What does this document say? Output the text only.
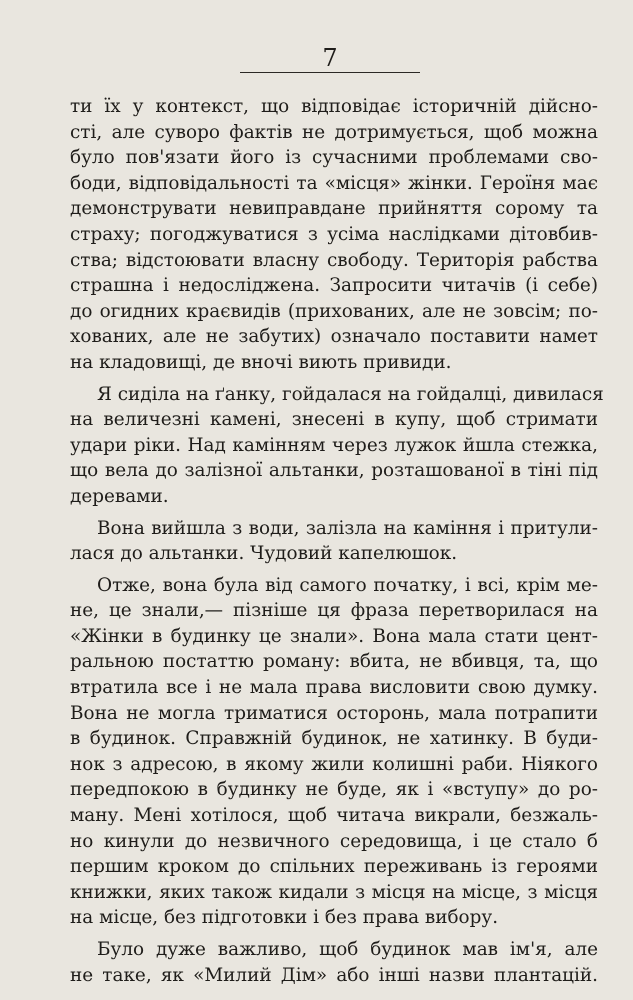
7
ти їх у контекст, що відповідає історичній дійсно-
сті, але суворо фактів не дотримується, щоб можна
було пов'язати його із сучасними проблемами сво-
боди, відповідальності та «місця» жінки. Героїня має
демонструвати невиправдане прийняття сорому та
страху; погоджуватися з усіма наслідками дітовбив-
ства; відстоювати власну свободу. Територія рабства
страшна і недосліджена. Запросити читачів (і себе)
до огидних краєвидів (прихованих, але не зовсім; по-
хованих, але не забутих) означало поставити намет
на кладовищі, де вночі виють привиди.
Я сиділа на ґанку, гойдалася на гойдалці, дивилася
на величезні камені, знесені в купу, щоб стримати
удари ріки. Над камінням через лужок йшла стежка,
що вела до залізної альтанки, розташованої в тіні під
деревами.
Вона вийшла з води, залізла на каміння і притули-
лася до альтанки. Чудовий капелюшок.
Отже, вона була від самого початку, і всі, крім ме-
не, це знали,— пізніше ця фраза перетворилася на
«Жінки в будинку це знали». Вона мала стати цент-
ральною постаттю роману: вбита, не вбивця, та, що
втратила все і не мала права висловити свою думку.
Вона не могла триматися осторонь, мала потрапити
в будинок. Справжній будинок, не хатинку. В буди-
нок з адресою, в якому жили колишні раби. Ніякого
передпокою в будинку не буде, як і «вступу» до ро-
ману. Мені хотілося, щоб читача викрали, безжаль-
но кинули до незвичного середовища, і це стало б
першим кроком до спільних переживань із героями
книжки, яких також кидали з місця на місце, з місця
на місце, без підготовки і без права вибору.
Було дуже важливо, щоб будинок мав ім'я, але
не таке, як «Милий Дім» або інші назви плантацій.
